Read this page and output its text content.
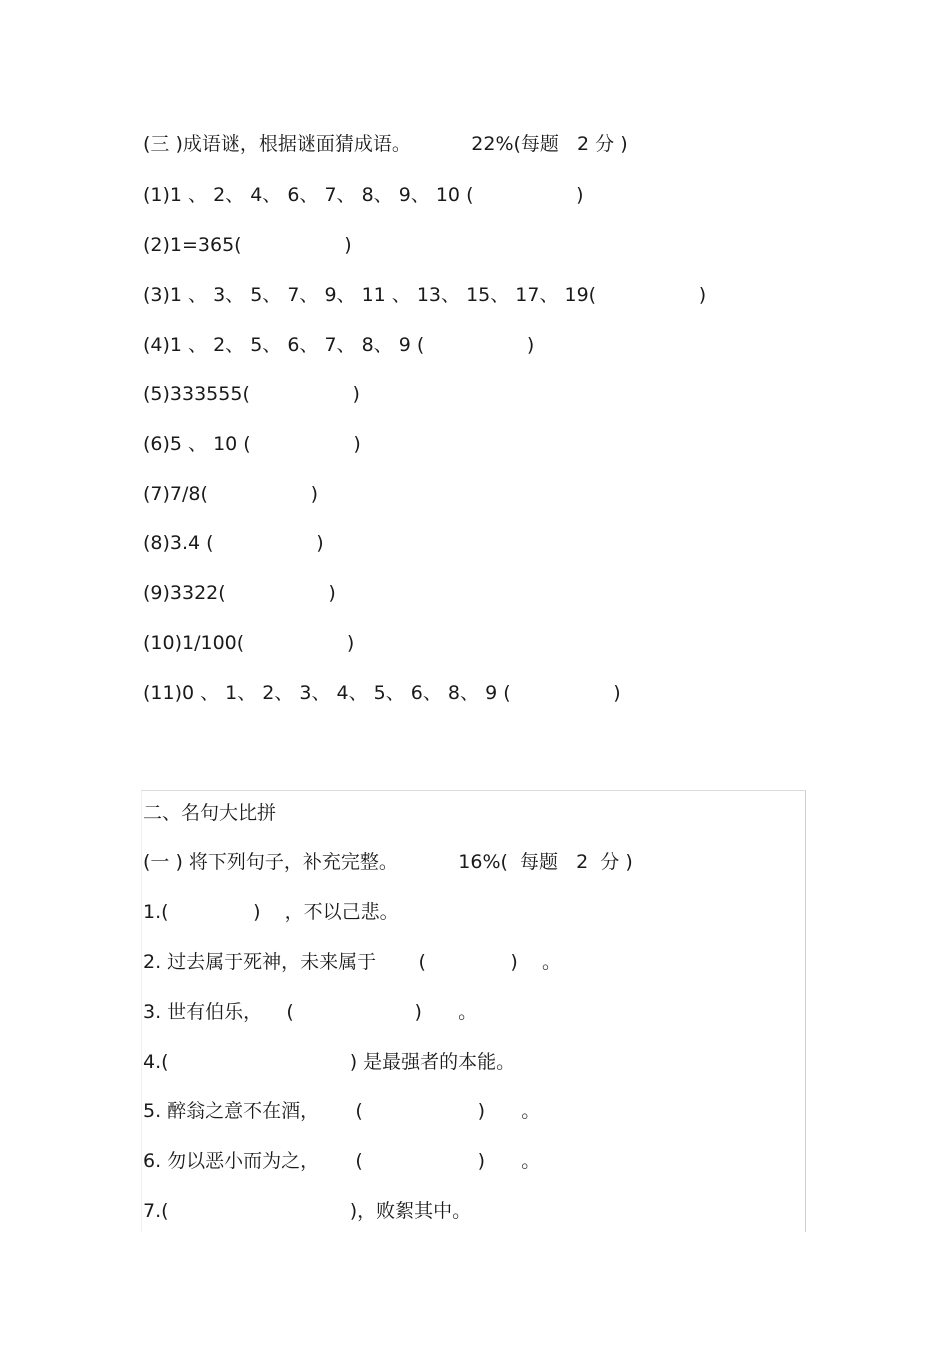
(三 )成语谜，根据谜面猜成语。          22%(每题   2 分 )
(1)1 、 2、 4、 6、 7、 8、 9、 10 (                 )
(2)1=365(                 )
(3)1 、 3、 5、 7、 9、 11 、 13、 15、 17、 19(                 )
(4)1 、 2、 5、 6、 7、 8、 9 (                 )
(5)333555(                 )
(6)5 、 10 (                 )
(7)7/8(                 )
(8)3.4 (                 )
(9)3322(                 )
(10)1/100(                 )
(11)0 、 1、 2、 3、 4、 5、 6、 8、 9 (                 )
二、名句大比拼
(一 ) 将下列句子，补充完整。          16%(  每题   2  分 )
1.(              )    ，不以己悲。
2. 过去属于死神，未来属于       (              )    。
3. 世有伯乐，    (                    )      。
4.(                              ) 是最强者的本能。
5. 醉翁之意不在酒，      (                   )      。
6. 勿以恶小而为之，      (                   )      。
7.(                              )，败絮其中。
